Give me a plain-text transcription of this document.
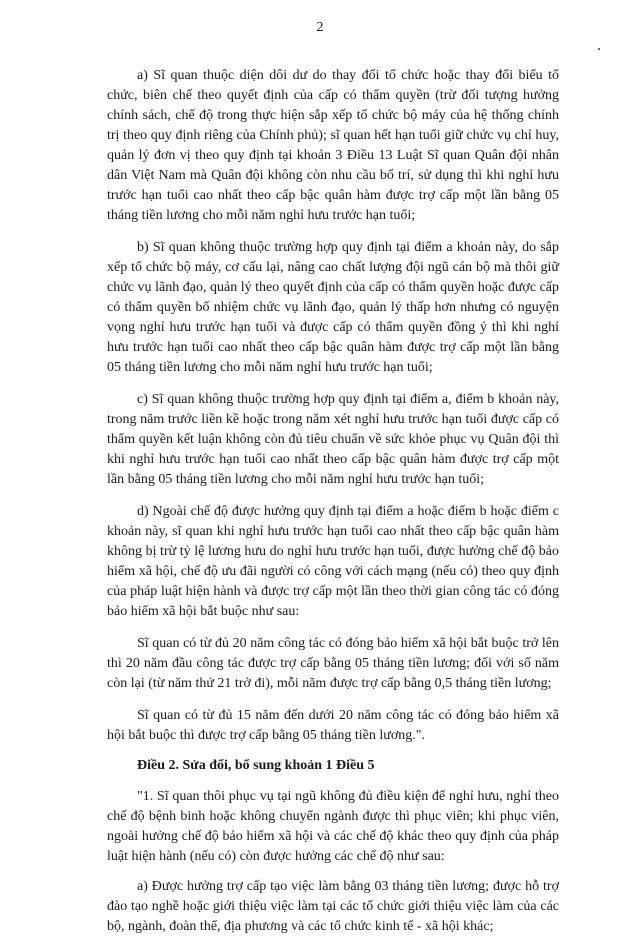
2

a) Sĩ quan thuộc diện dôi dư do thay đổi tổ chức hoặc thay đổi biểu tổ chức, biên chế theo quyết định của cấp có thẩm quyền (trừ đối tượng hưởng chính sách, chế độ trong thực hiện sắp xếp tổ chức bộ máy của hệ thống chính trị theo quy định riêng của Chính phủ); sĩ quan hết hạn tuổi giữ chức vụ chỉ huy, quản lý đơn vị theo quy định tại khoản 3 Điều 13 Luật Sĩ quan Quân đội nhân dân Việt Nam mà Quân đội không còn nhu cầu bố trí, sử dụng thì khi nghỉ hưu trước hạn tuổi cao nhất theo cấp bậc quân hàm được trợ cấp một lần bằng 05 tháng tiền lương cho mỗi năm nghỉ hưu trước hạn tuổi;

b) Sĩ quan không thuộc trường hợp quy định tại điểm a khoản này, do sắp xếp tổ chức bộ máy, cơ cấu lại, nâng cao chất lượng đội ngũ cán bộ mà thôi giữ chức vụ lãnh đạo, quản lý theo quyết định của cấp có thẩm quyền hoặc được cấp có thẩm quyền bổ nhiệm chức vụ lãnh đạo, quản lý thấp hơn nhưng có nguyện vọng nghỉ hưu trước hạn tuổi và được cấp có thẩm quyền đồng ý thì khi nghỉ hưu trước hạn tuổi cao nhất theo cấp bậc quân hàm được trợ cấp một lần bằng 05 tháng tiền lương cho mỗi năm nghỉ hưu trước hạn tuổi;

c) Sĩ quan không thuộc trường hợp quy định tại điểm a, điểm b khoản này, trong năm trước liền kề hoặc trong năm xét nghỉ hưu trước hạn tuổi được cấp có thẩm quyền kết luận không còn đủ tiêu chuẩn về sức khỏe phục vụ Quân đội thì khi nghỉ hưu trước hạn tuổi cao nhất theo cấp bậc quân hàm được trợ cấp một lần bằng 05 tháng tiền lương cho mỗi năm nghỉ hưu trước hạn tuổi;

d) Ngoài chế độ được hưởng quy định tại điểm a hoặc điểm b hoặc điểm c khoản này, sĩ quan khi nghỉ hưu trước hạn tuổi cao nhất theo cấp bậc quân hàm không bị trừ tỷ lệ lương hưu do nghỉ hưu trước hạn tuổi, được hưởng chế độ bảo hiểm xã hội, chế độ ưu đãi người có công với cách mạng (nếu có) theo quy định của pháp luật hiện hành và được trợ cấp một lần theo thời gian công tác có đóng bảo hiểm xã hội bắt buộc như sau:

Sĩ quan có từ đủ 20 năm công tác có đóng bảo hiểm xã hội bắt buộc trở lên thì 20 năm đầu công tác được trợ cấp bằng 05 tháng tiền lương; đối với số năm còn lại (từ năm thứ 21 trở đi), mỗi năm được trợ cấp bằng 0,5 tháng tiền lương;

Sĩ quan có từ đủ 15 năm đến dưới 20 năm công tác có đóng bảo hiểm xã hội bắt buộc thì được trợ cấp bằng 05 tháng tiền lương.".

Điều 2. Sửa đổi, bổ sung khoản 1 Điều 5

"1. Sĩ quan thôi phục vụ tại ngũ không đủ điều kiện để nghỉ hưu, nghỉ theo chế độ bệnh binh hoặc không chuyển ngành được thì phục viên; khi phục viên, ngoài hưởng chế độ bảo hiểm xã hội và các chế độ khác theo quy định của pháp luật hiện hành (nếu có) còn được hưởng các chế độ như sau:

a) Được hưởng trợ cấp tạo việc làm bằng 03 tháng tiền lương; được hỗ trợ đào tạo nghề hoặc giới thiệu việc làm tại các tổ chức giới thiệu việc làm của các bộ, ngành, đoàn thể, địa phương và các tổ chức kinh tế - xã hội khác;
